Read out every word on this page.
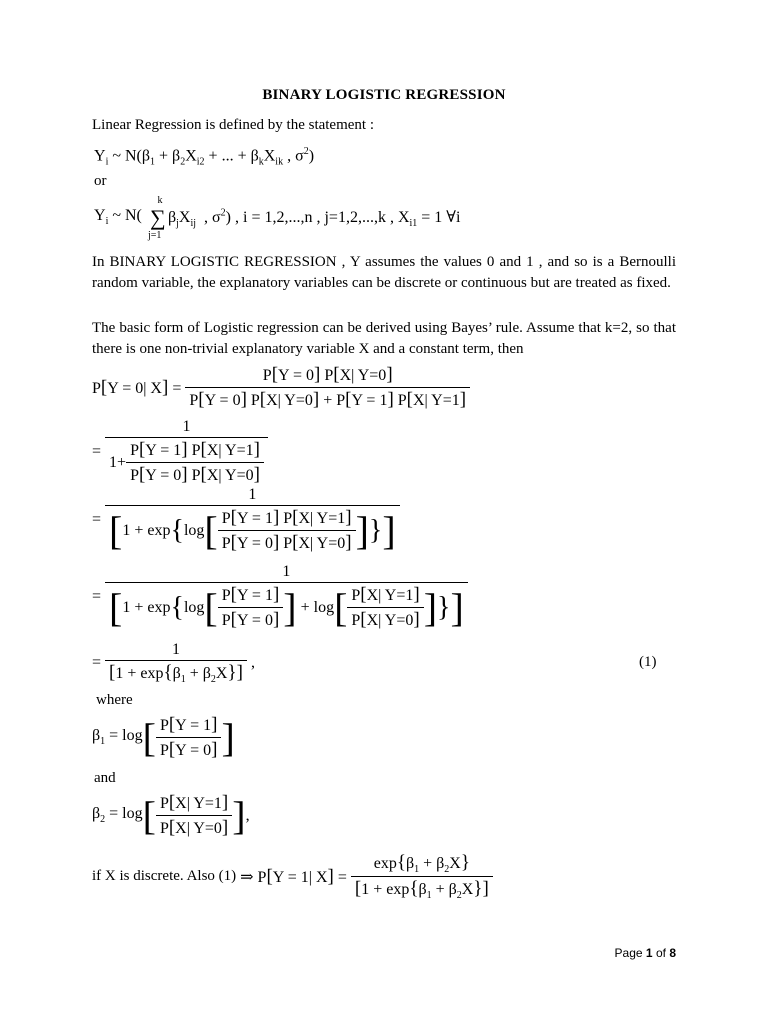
BINARY LOGISTIC REGRESSION
Linear Regression is defined by the statement :
$Y_i$ ~ $N(\beta_1 + \beta_2X_{i2}$ + ... + $\beta_kX_{ik}$ , $\sigma^2$)
or
$Y_i$ ~ N(
k
∑
j=1
$\beta_jX_{ij}$  , $\sigma^2$) , i = 1,2,...,n , j=1,2,...,k , $X_{i1} = 1$ ∀i
In BINARY LOGISTIC REGRESSION , Y assumes the values 0 and 1 , and so is a Bernoulli random variable, the explanatory variables can be discrete or continuous but are treated as fixed.
The basic form of Logistic regression can be derived using Bayes’ rule. Assume that k=2, so that there is one non-trivial explanatory variable X and a constant term, then
P[Y = 0| $X] = \frac{P[Y = 0] P[X| Y=0]}{P[Y = 0] P[X| Y=0] + P[Y = 1] P[X| Y=1]}$
=
1
$1+ \frac{P[Y = 1] P[X| Y=1]}{P[Y = 0] P[X| Y=0]}$
=
1
[ 1 + exp { log [ $\frac{P[Y = 1] P[X| Y=1]}{P[Y = 0] P[X| Y=0]}$ ] } ]
=
1
[ 1 + exp { log [ $\frac{P[Y = 1]}{P[Y = 0]}$ ] + log [ $\frac{P[X| Y=1]}{P[X| Y=0]}$ ] } ]
= $\frac{1}{[1 + \exp\{\beta_1 + \beta_2X\}]}$ ,	(1)
where
$\beta_1 = \log$ [ $\frac{P[Y = 1]}{P[Y = 0]}$ ]
and
$\beta_2 = \log$ [ $\frac{P[X| Y=1]}{P[X| Y=0]}$ ] ,
if X is discrete. Also (1) ⇒ P[Y = 1| $X] = \frac{\exp\{\beta_1 + \beta_2X\}}{[1 + \exp\{\beta_1 + \beta_2X\}]}$
Page 1 of 8
